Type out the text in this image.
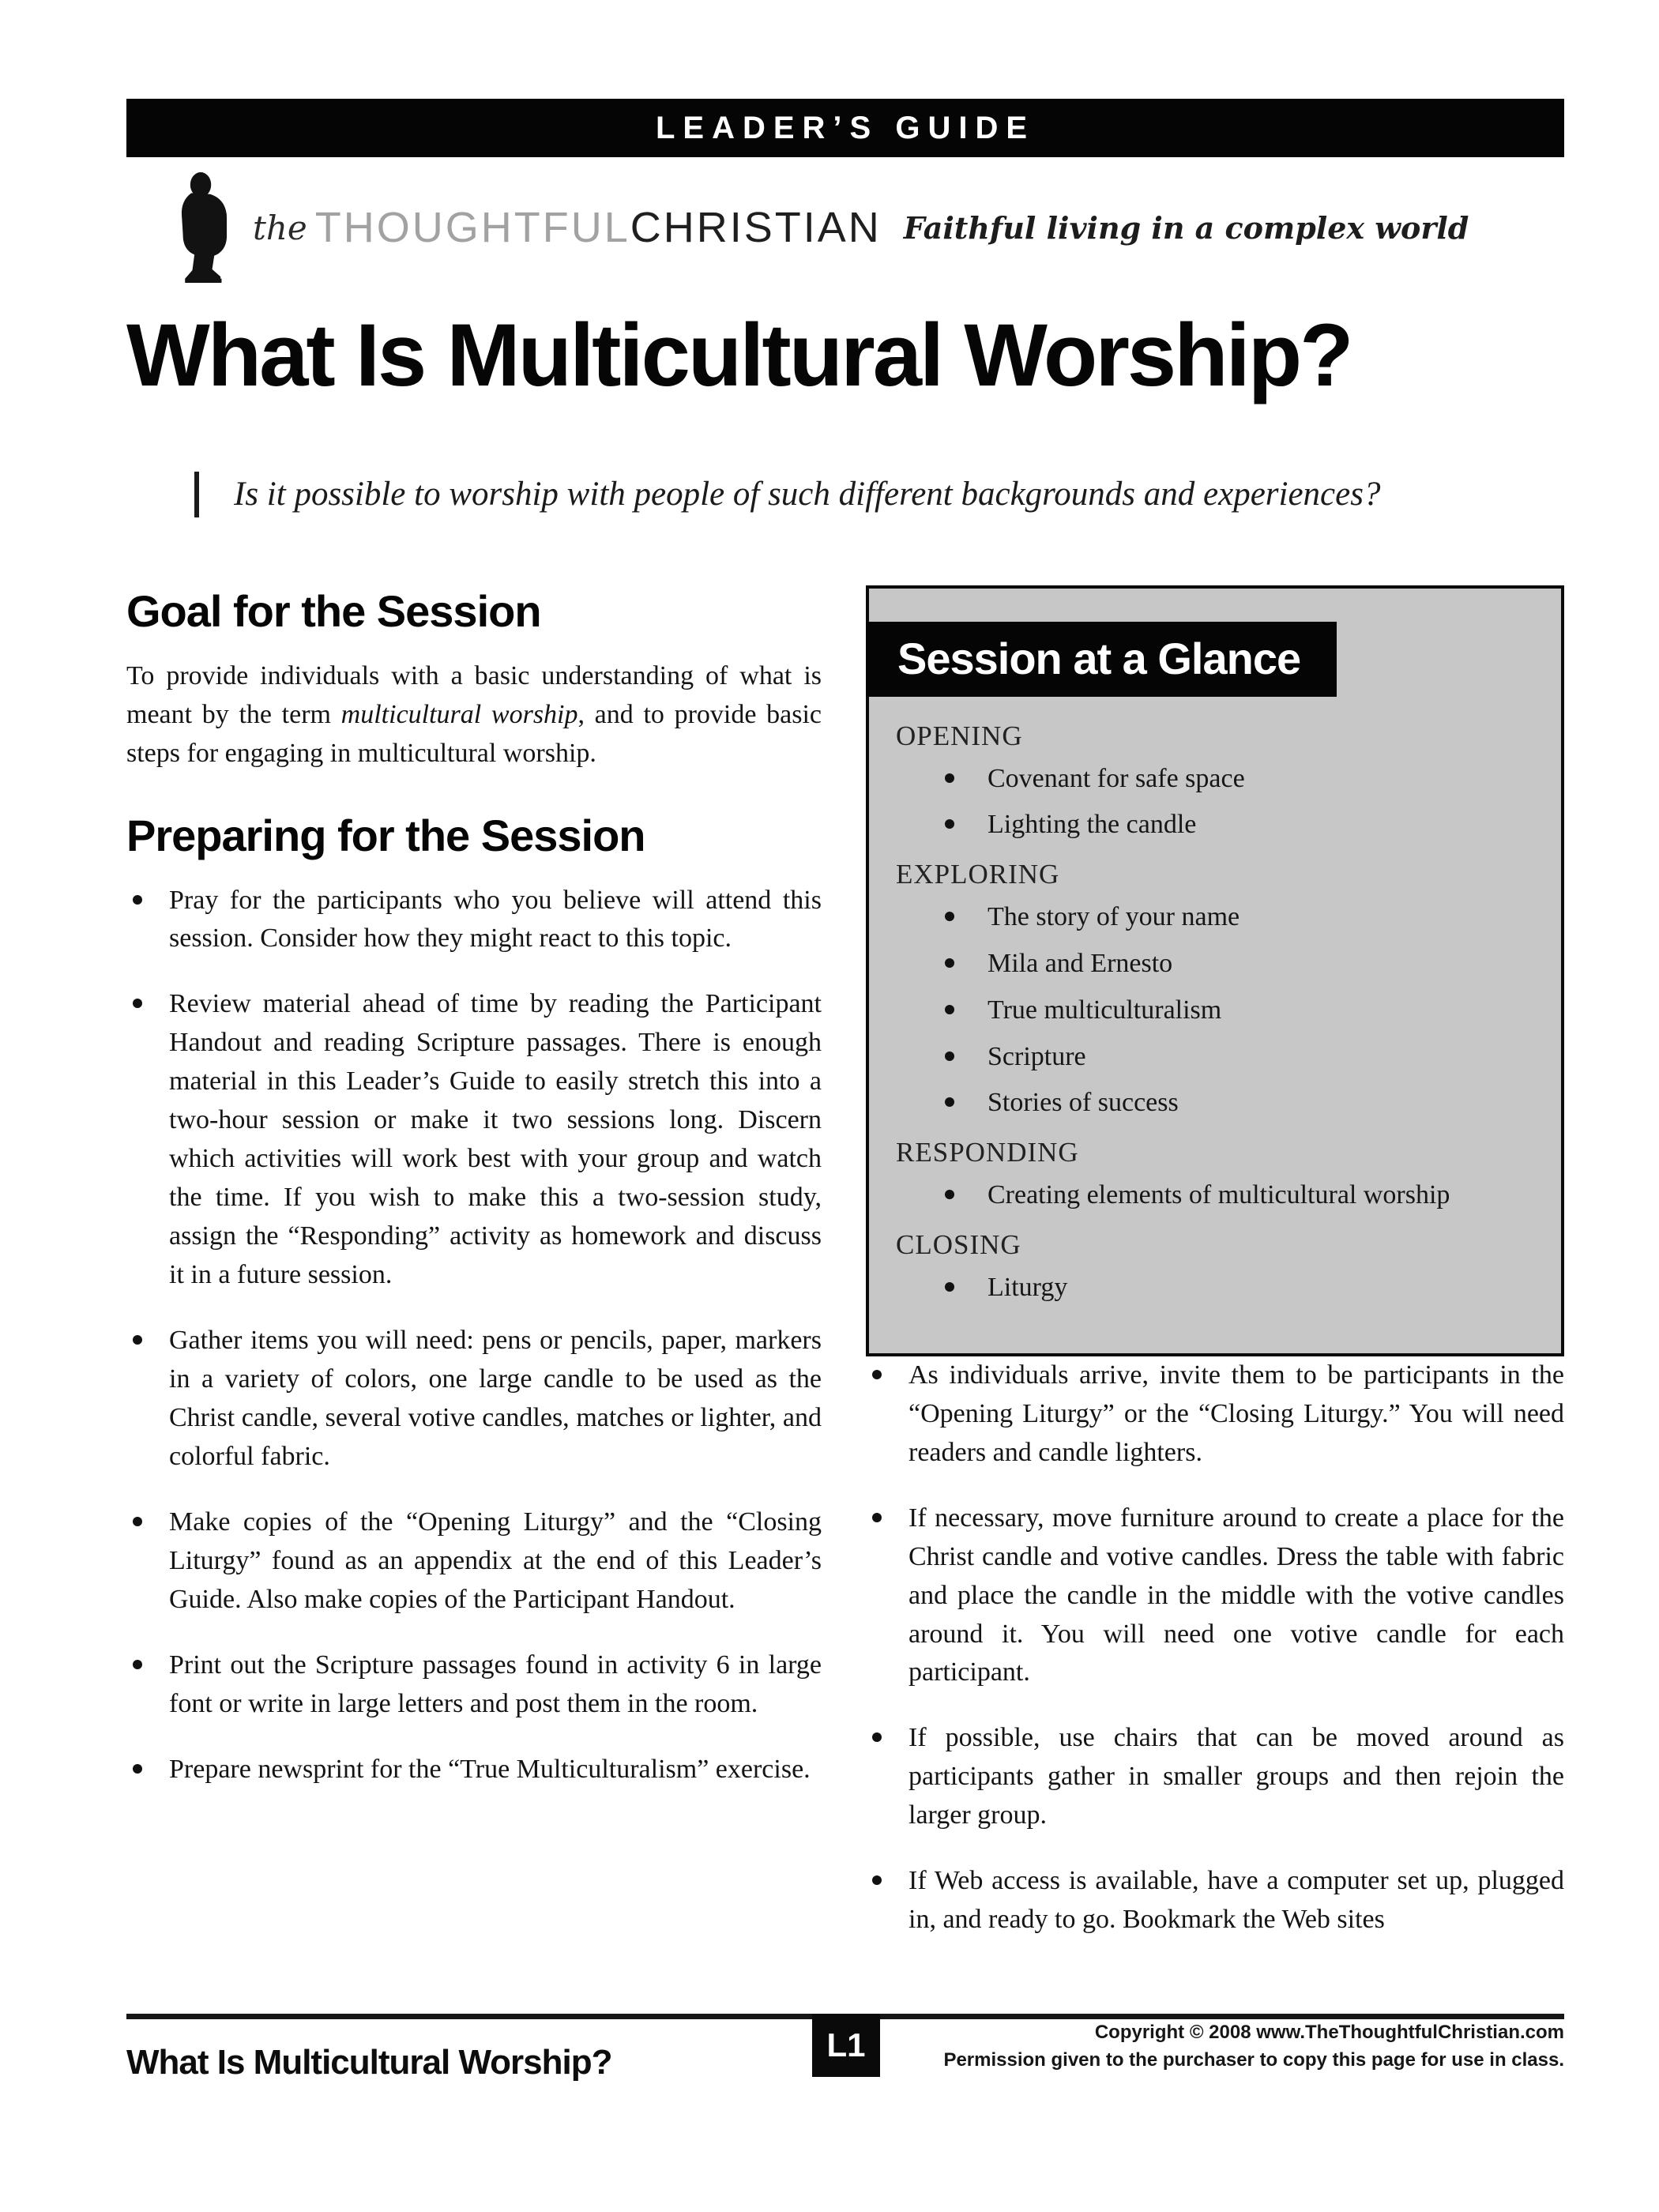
LEADER’S GUIDE
the THOUGHTFULCHRISTIAN Faithful living in a complex world
What Is Multicultural Worship?
Is it possible to worship with people of such different backgrounds and experiences?
Goal for the Session

To provide individuals with a basic understanding of what is meant by the term multicultural worship, and to provide basic steps for engaging in multicultural worship.

Preparing for the Session
Pray for the participants who you believe will attend this session. Consider how they might react to this topic.
Review material ahead of time by reading the Participant Handout and reading Scripture passages. There is enough material in this Leader’s Guide to easily stretch this into a two-hour session or make it two sessions long. Discern which activities will work best with your group and watch the time. If you wish to make this a two-session study, assign the “Responding” activity as homework and discuss it in a future session.
Gather items you will need: pens or pencils, paper, markers in a variety of colors, one large candle to be used as the Christ candle, several votive candles, matches or lighter, and colorful fabric.
Make copies of the “Opening Liturgy” and the “Closing Liturgy” found as an appendix at the end of this Leader’s Guide. Also make copies of the Participant Handout.
Print out the Scripture passages found in activity 6 in large font or write in large letters and post them in the room.
Prepare newsprint for the “True Multiculturalism” exercise.
Session at a Glance
OPENING
Covenant for safe space
Lighting the candle
EXPLORING
The story of your name
Mila and Ernesto
True multiculturalism
Scripture
Stories of success
RESPONDING
Creating elements of multicultural worship
CLOSING
Liturgy
As individuals arrive, invite them to be participants in the “Opening Liturgy” or the “Closing Liturgy.” You will need readers and candle lighters.
If necessary, move furniture around to create a place for the Christ candle and votive candles. Dress the table with fabric and place the candle in the middle with the votive candles around it. You will need one votive candle for each participant.
If possible, use chairs that can be moved around as participants gather in smaller groups and then rejoin the larger group.
If Web access is available, have a computer set up, plugged in, and ready to go. Bookmark the Web sites
What Is Multicultural Worship?	L1	Copyright © 2008 www.TheThoughtfulChristian.com
Permission given to the purchaser to copy this page for use in class.
